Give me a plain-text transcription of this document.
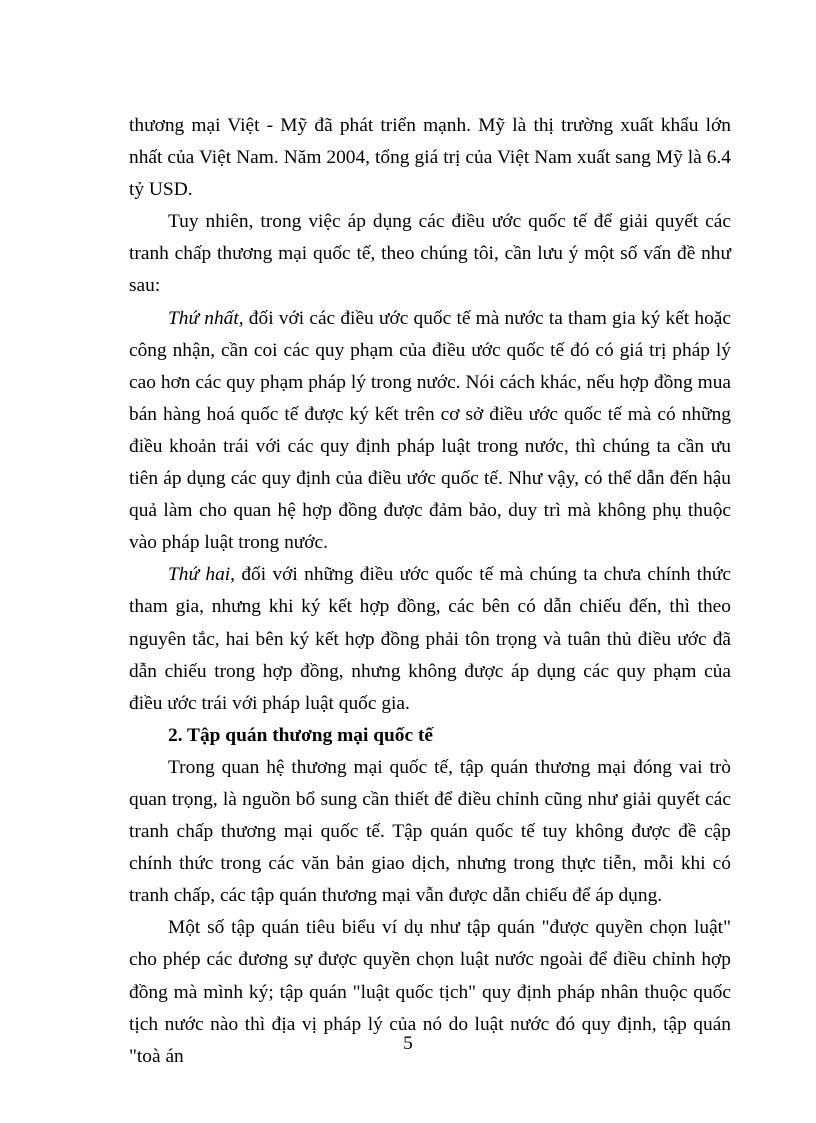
thương mại Việt - Mỹ đã phát triển mạnh. Mỹ là thị trường xuất khẩu lớn nhất của Việt Nam. Năm 2004, tổng giá trị của Việt Nam xuất sang Mỹ là 6.4 tỷ USD.

Tuy nhiên, trong việc áp dụng các điều ước quốc tế để giải quyết các tranh chấp thương mại quốc tế, theo chúng tôi, cần lưu ý một số vấn đề như sau:

Thứ nhất, đối với các điều ước quốc tế mà nước ta tham gia ký kết hoặc công nhận, cần coi các quy phạm của điều ước quốc tế đó có giá trị pháp lý cao hơn các quy phạm pháp lý trong nước. Nói cách khác, nếu hợp đồng mua bán hàng hoá quốc tế được ký kết trên cơ sở điều ước quốc tế mà có những điều khoản trái với các quy định pháp luật trong nước, thì chúng ta cần ưu tiên áp dụng các quy định của điều ước quốc tế. Như vậy, có thể dẫn đến hậu quả làm cho quan hệ hợp đồng được đảm bảo, duy trì mà không phụ thuộc vào pháp luật trong nước.

Thứ hai, đối với những điều ước quốc tế mà chúng ta chưa chính thức tham gia, nhưng khi ký kết hợp đồng, các bên có dẫn chiếu đến, thì theo nguyên tắc, hai bên ký kết hợp đồng phải tôn trọng và tuân thủ điều ước đã dẫn chiếu trong hợp đồng, nhưng không được áp dụng các quy phạm của điều ước trái với pháp luật quốc gia.

2. Tập quán thương mại quốc tế

Trong quan hệ thương mại quốc tế, tập quán thương mại đóng vai trò quan trọng, là nguồn bổ sung cần thiết để điều chỉnh cũng như giải quyết các tranh chấp thương mại quốc tế. Tập quán quốc tế tuy không được đề cập chính thức trong các văn bản giao dịch, nhưng trong thực tiễn, mỗi khi có tranh chấp, các tập quán thương mại vẫn được dẫn chiếu để áp dụng.

Một số tập quán tiêu biểu ví dụ như tập quán "được quyền chọn luật" cho phép các đương sự được quyền chọn luật nước ngoài để điều chỉnh hợp đồng mà mình ký; tập quán "luật quốc tịch" quy định pháp nhân thuộc quốc tịch nước nào thì địa vị pháp lý của nó do luật nước đó quy định, tập quán "toà án

5
